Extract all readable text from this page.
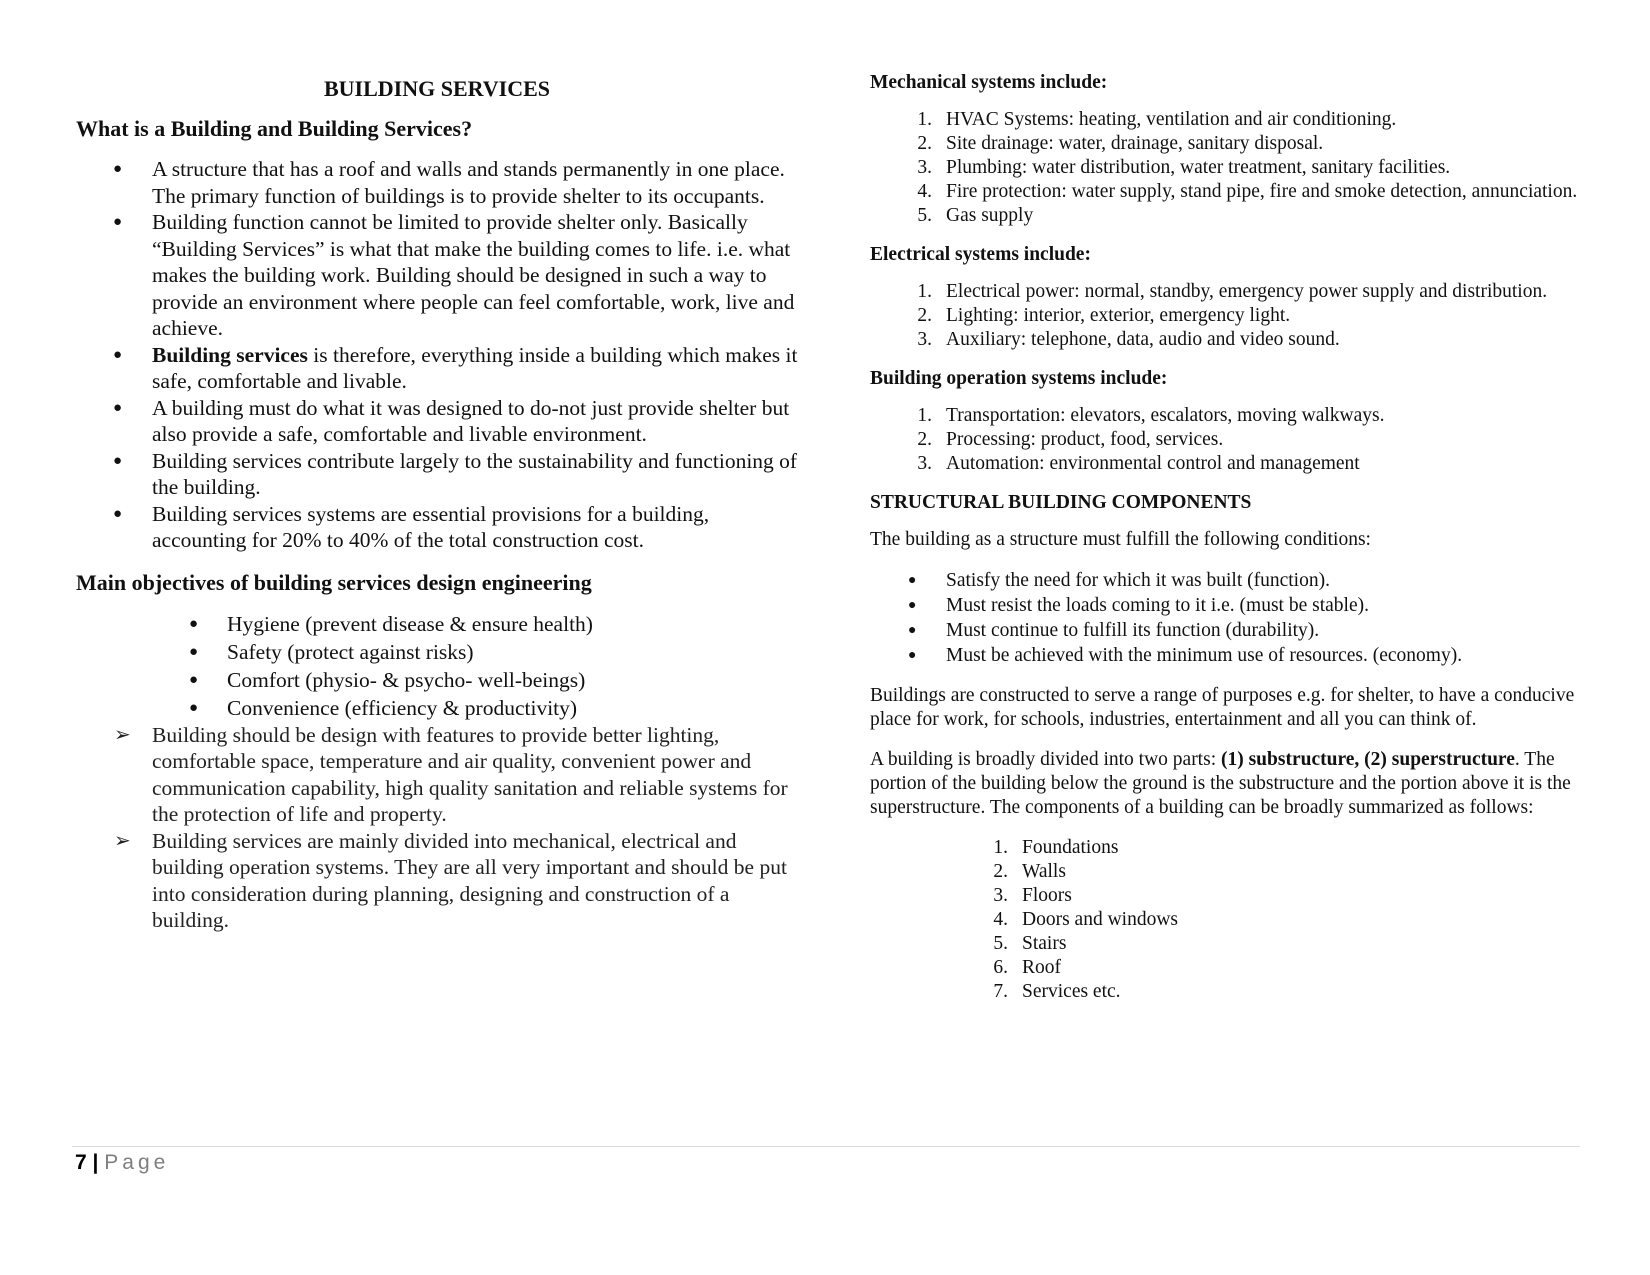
BUILDING SERVICES
What is a Building and Building Services?
● A structure that has a roof and walls and stands permanently in one place. The primary function of buildings is to provide shelter to its occupants.
● Building function cannot be limited to provide shelter only. Basically “Building Services” is what that make the building comes to life. i.e. what makes the building work. Building should be designed in such a way to provide an environment where people can feel comfortable, work, live and achieve.
● Building services is therefore, everything inside a building which makes it safe, comfortable and livable.
● A building must do what it was designed to do-not just provide shelter but also provide a safe, comfortable and livable environment.
● Building services contribute largely to the sustainability and functioning of the building.
● Building services systems are essential provisions for a building, accounting for 20% to 40% of the total construction cost.
Main objectives of building services design engineering
● Hygiene (prevent disease & ensure health)
● Safety (protect against risks)
● Comfort (physio- & psycho- well-beings)
● Convenience (efficiency & productivity)
➢ Building should be design with features to provide better lighting, comfortable space, temperature and air quality, convenient power and communication capability, high quality sanitation and reliable systems for the protection of life and property.
➢ Building services are mainly divided into mechanical, electrical and building operation systems. They are all very important and should be put into consideration during planning, designing and construction of a building.
Mechanical systems include:
1. HVAC Systems: heating, ventilation and air conditioning.
2. Site drainage: water, drainage, sanitary disposal.
3. Plumbing: water distribution, water treatment, sanitary facilities.
4. Fire protection: water supply, stand pipe, fire and smoke detection, annunciation.
5. Gas supply
Electrical systems include:
1. Electrical power: normal, standby, emergency power supply and distribution.
2. Lighting: interior, exterior, emergency light.
3. Auxiliary: telephone, data, audio and video sound.
Building operation systems include:
1. Transportation: elevators, escalators, moving walkways.
2. Processing: product, food, services.
3. Automation: environmental control and management
STRUCTURAL BUILDING COMPONENTS

The building as a structure must fulfill the following conditions:

● Satisfy the need for which it was built (function).
● Must resist the loads coming to it i.e. (must be stable).
● Must continue to fulfill its function (durability).
● Must be achieved with the minimum use of resources. (economy).

Buildings are constructed to serve a range of purposes e.g. for shelter, to have a conducive place for work, for schools, industries, entertainment and all you can think of.

A building is broadly divided into two parts: (1) substructure, (2) superstructure. The portion of the building below the ground is the substructure and the portion above it is the superstructure. The components of a building can be broadly summarized as follows:

1. Foundations
2. Walls
3. Floors
4. Doors and windows
5. Stairs
6. Roof
7. Services etc.
7 | Page
